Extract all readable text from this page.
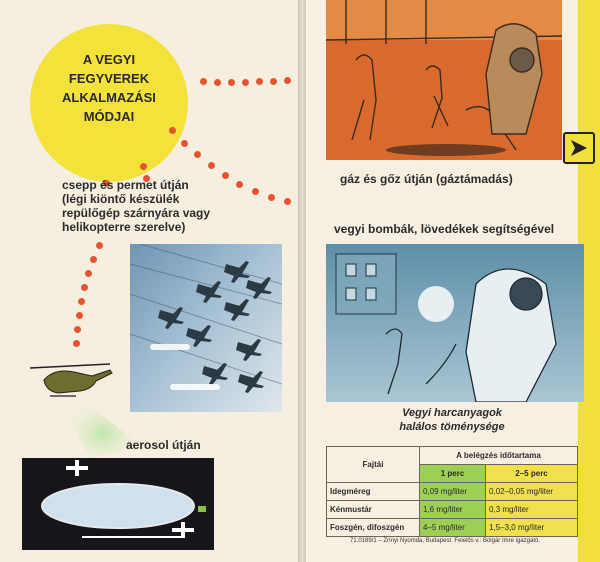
A VEGYI
FEGYVEREK
ALKALMAZÁSI
MÓDJAI
csepp és permet útján
(légi kiöntő készülék
repülőgép szárnyára vagy
helikopterre szerelve)
aerosol útján
gáz és gőz útján (gáztámadás)
vegyi bombák, lövedékek segítségével
Vegyi harcanyagok
halálos töménysége
Fajtái	A belégzés időtartama	
	1 perc	2–5 perc
Idegméreg	0,09 mg/liter	0,02–0,05 mg/liter
Kénmustár	1,6 mg/liter	0,3 mg/liter
Foszgén, difoszgén	4–5 mg/liter	1,5–3,0 mg/liter
71.0189/1 – Zrínyi Nyomda, Budapest. Felelős v.: Bolgár Imre igazgató.
